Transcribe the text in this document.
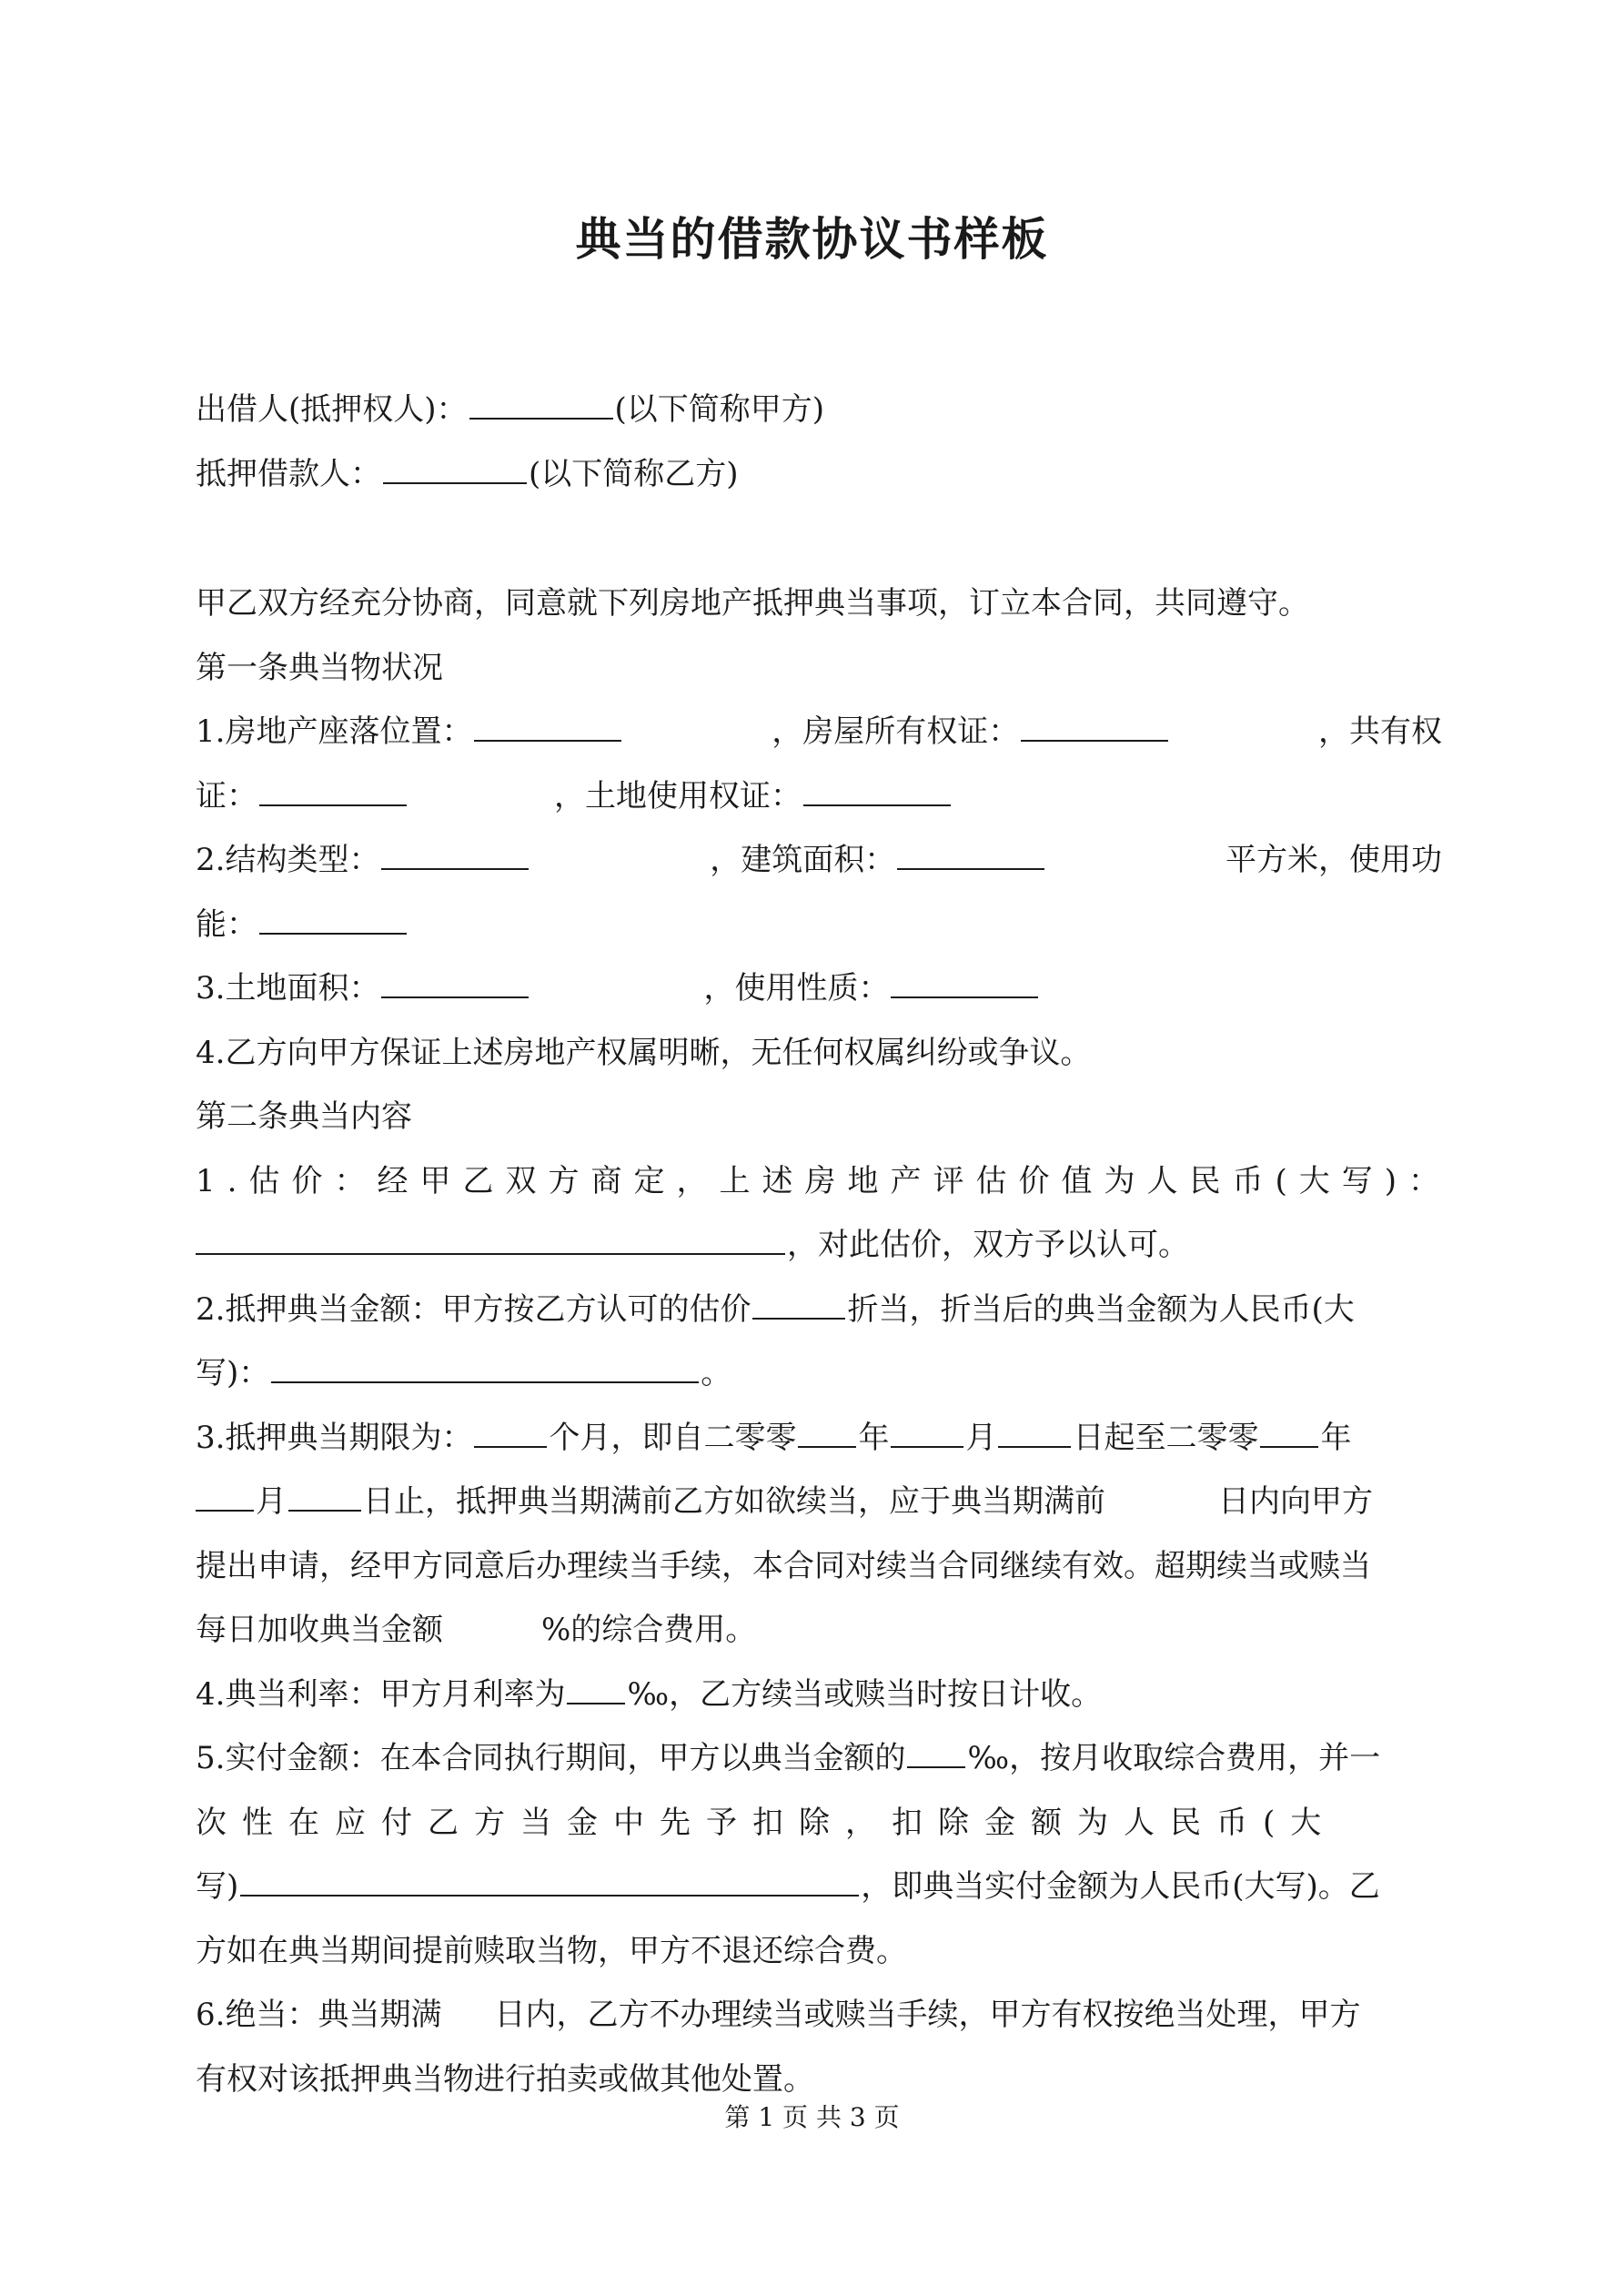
典当的借款协议书样板
出借人(抵押权人)：	(以下简称甲方)
抵押借款人：	(以下简称乙方)
甲乙双方经充分协商，同意就下列房地产抵押典当事项，订立本合同，共同遵守。
第一条典当物状况
1.房地产座落位置：	，房屋所有权证：	，共有权
证：	，土地使用权证：
2.结构类型：	，建筑面积：	平方米，使用功
能：
3.土地面积：	，使用性质：
4.乙方向甲方保证上述房地产权属明晰，无任何权属纠纷或争议。
第二条典当内容
1.估价：经甲乙双方商定，上述房地产评估价值为人民币(大写)：
，对此估价，双方予以认可。
2.抵押典当金额：甲方按乙方认可的估价	折当，折当后的典当金额为人民币(大
写)：	。
3.抵押典当期限为： 个月，即自二零零 年 月 日起至二零零 年
月 日止，抵押典当期满前乙方如欲续当，应于典当期满前	日内向甲方
提出申请，经甲方同意后办理续当手续，本合同对续当合同继续有效。超期续当或赎当
每日加收典当金额	%的综合费用。
4.典当利率：甲方月利率为 ‰，乙方续当或赎当时按日计收。
5.实付金额：在本合同执行期间，甲方以典当金额的 ‰，按月收取综合费用，并一
次性在应付乙方当金中先予扣除，扣除金额为人民币(大
写)	，即典当实付金额为人民币(大写)。乙
方如在典当期间提前赎取当物，甲方不退还综合费。
6.绝当：典当期满 日内，乙方不办理续当或赎当手续，甲方有权按绝当处理，甲方
有权对该抵押典当物进行拍卖或做其他处置。
第 1 页 共 3 页
